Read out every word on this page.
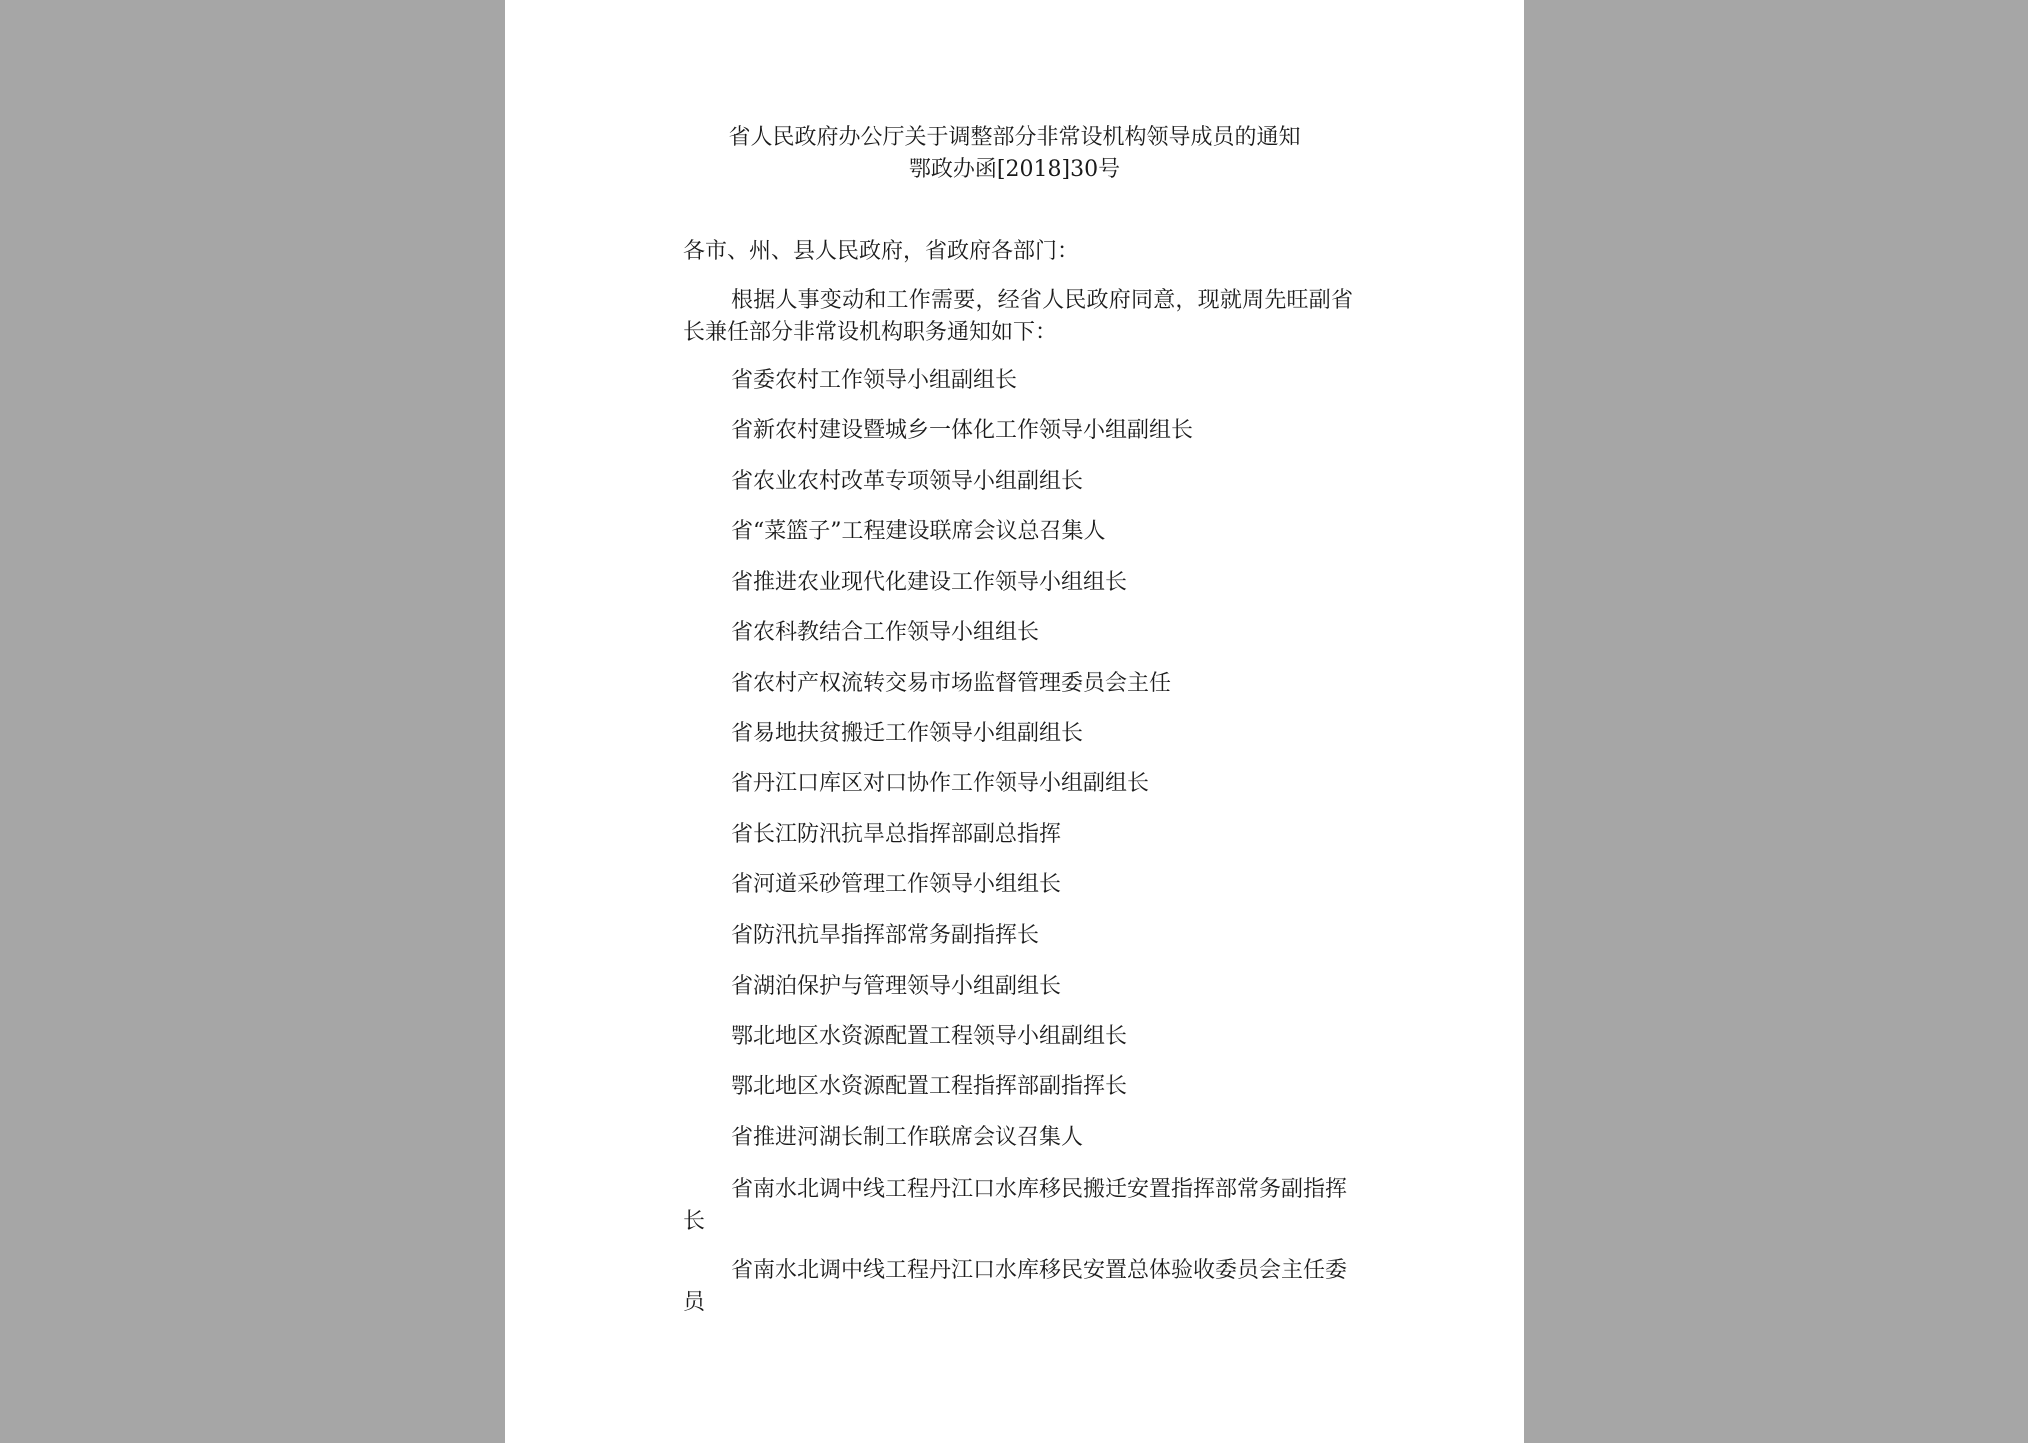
省人民政府办公厅关于调整部分非常设机构领导成员的通知
鄂政办函[2018]30号
各市、州、县人民政府，省政府各部门：
根据人事变动和工作需要，经省人民政府同意，现就周先旺副省长兼任部分非常设机构职务通知如下：
省委农村工作领导小组副组长
省新农村建设暨城乡一体化工作领导小组副组长
省农业农村改革专项领导小组副组长
省“菜篮子”工程建设联席会议总召集人
省推进农业现代化建设工作领导小组组长
省农科教结合工作领导小组组长
省农村产权流转交易市场监督管理委员会主任
省易地扶贫搬迁工作领导小组副组长
省丹江口库区对口协作工作领导小组副组长
省长江防汛抗旱总指挥部副总指挥
省河道采砂管理工作领导小组组长
省防汛抗旱指挥部常务副指挥长
省湖泊保护与管理领导小组副组长
鄂北地区水资源配置工程领导小组副组长
鄂北地区水资源配置工程指挥部副指挥长
省推进河湖长制工作联席会议召集人
省南水北调中线工程丹江口水库移民搬迁安置指挥部常务副指挥长
省南水北调中线工程丹江口水库移民安置总体验收委员会主任委员
